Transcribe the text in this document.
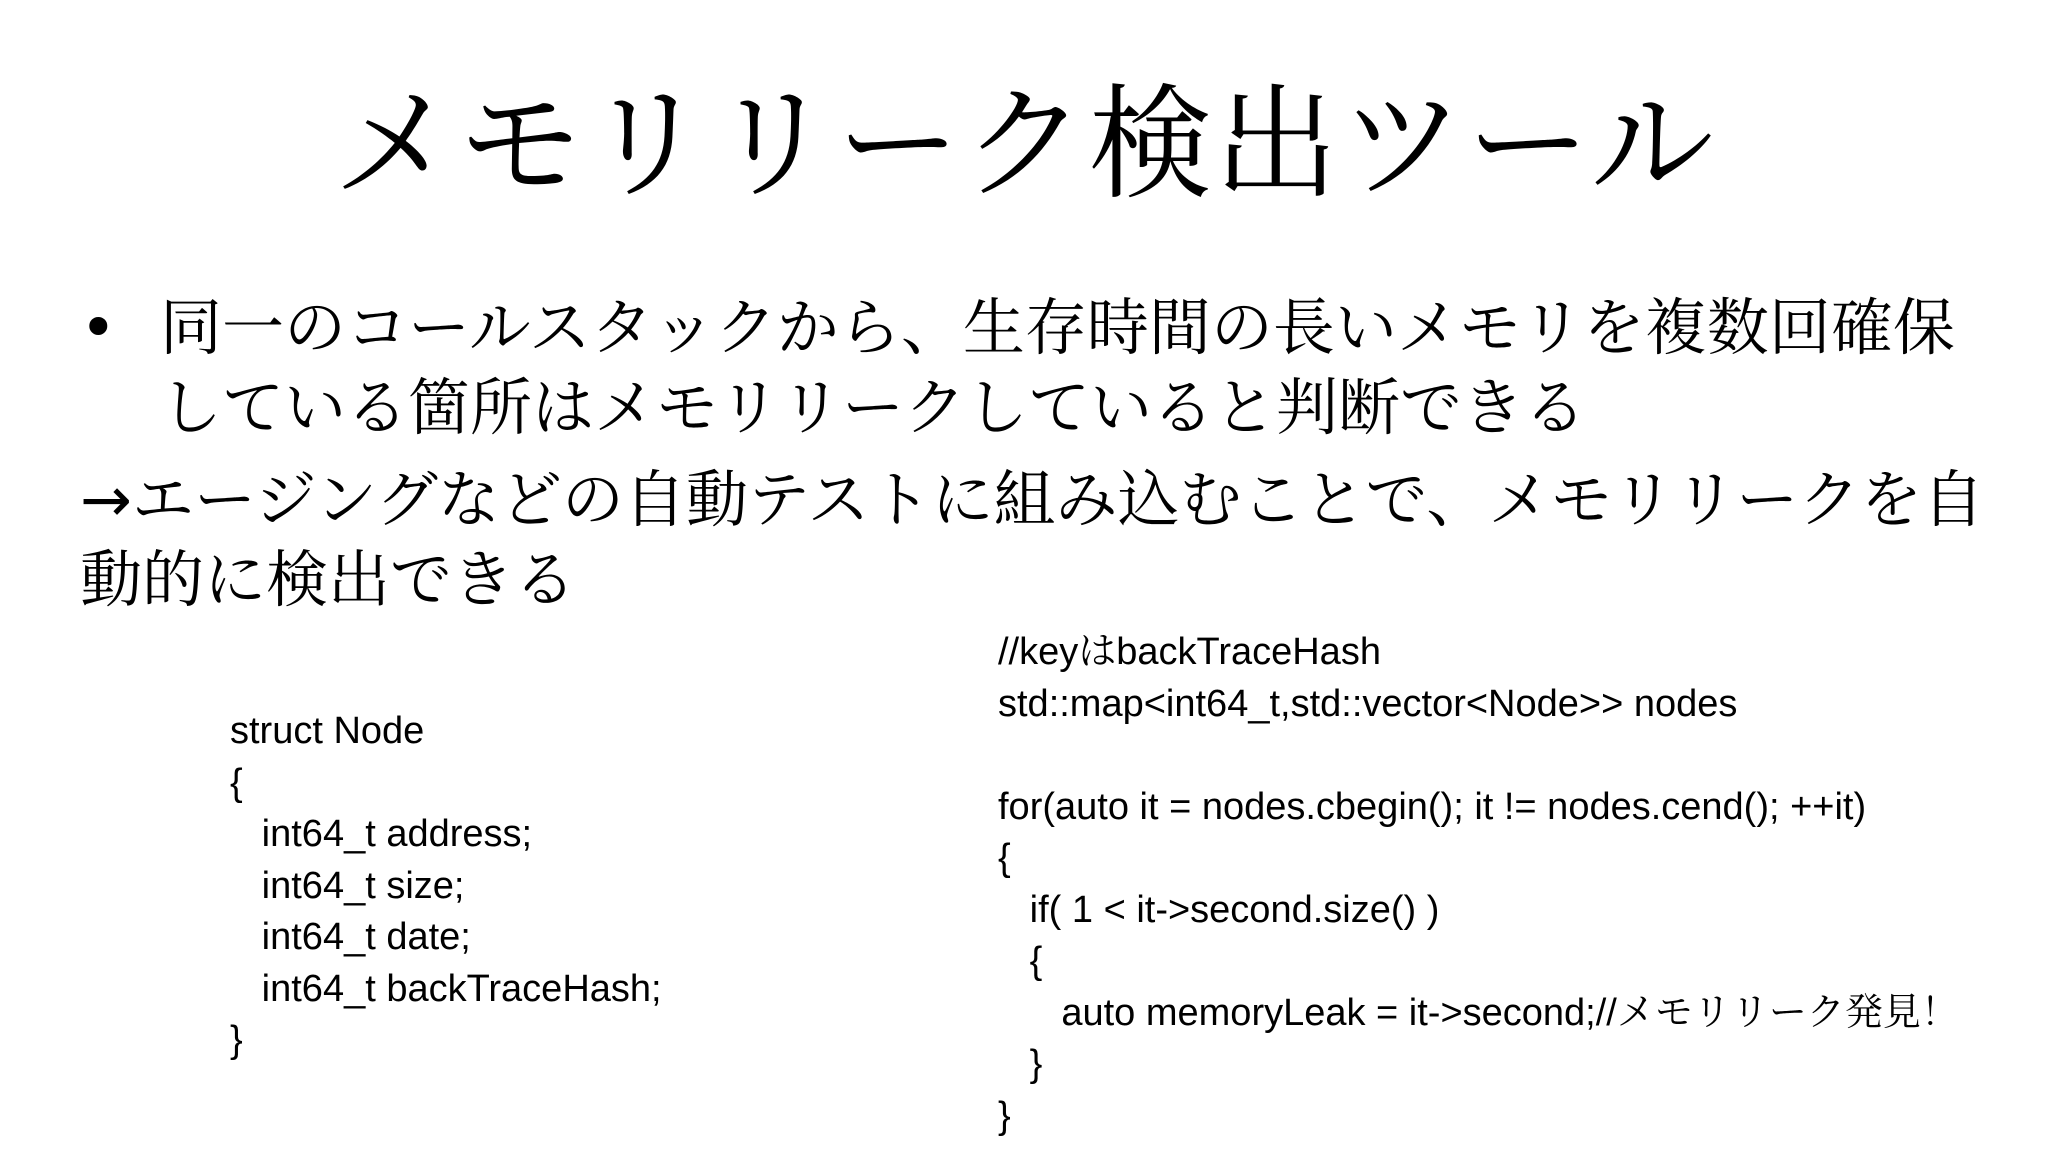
メモリリーク検出ツール
• 同一のコールスタックから、生存時間の長いメモリを複数回確保
している箇所はメモリリークしていると判断できる
→エージングなどの自動テストに組み込むことで、メモリリークを自
動的に検出できる
struct Node
{
int64_t address;
int64_t size;
int64_t date;
int64_t backTraceHash;
}
//keyはbackTraceHash
std::map<int64_t,std::vector<Node>> nodes
for(auto it = nodes.cbegin(); it != nodes.cend(); ++it)
{
if( 1 < it->second.size() )
{
auto memoryLeak = it->second;//メモリリーク発見！
}
}
